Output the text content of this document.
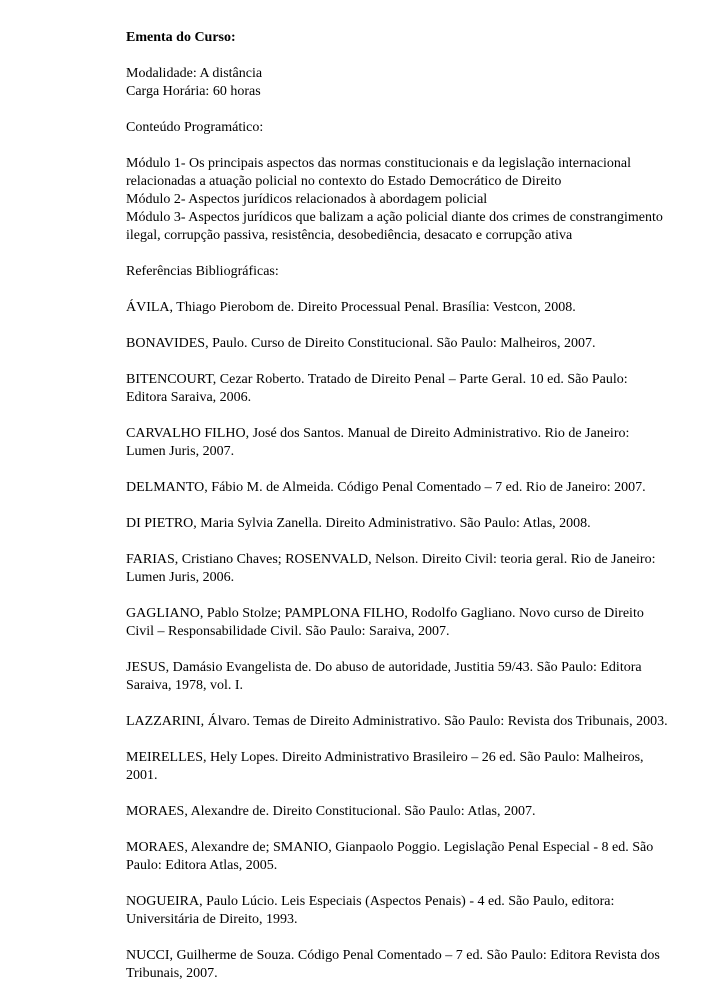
Ementa do Curso:

Modalidade: A distância

Carga Horária: 60 horas

Conteúdo Programático:

Módulo 1- Os principais aspectos das normas constitucionais e da legislação internacional

relacionadas a atuação policial no contexto do Estado Democrático de Direito

Módulo 2- Aspectos jurídicos relacionados à abordagem policial

Módulo 3- Aspectos jurídicos que balizam a ação policial diante dos crimes de constrangimento

ilegal, corrupção passiva, resistência, desobediência, desacato e corrupção ativa

Referências Bibliográficas:

ÁVILA, Thiago Pierobom de. Direito Processual Penal. Brasília: Vestcon, 2008.

BONAVIDES, Paulo. Curso de Direito Constitucional. São Paulo: Malheiros, 2007.

BITENCOURT, Cezar Roberto. Tratado de Direito Penal – Parte Geral. 10 ed. São Paulo:

Editora Saraiva, 2006.

CARVALHO FILHO, José dos Santos. Manual de Direito Administrativo. Rio de Janeiro:

Lumen Juris, 2007.

DELMANTO, Fábio M. de Almeida. Código Penal Comentado – 7 ed. Rio de Janeiro: 2007.

DI PIETRO, Maria Sylvia Zanella. Direito Administrativo. São Paulo: Atlas, 2008.

FARIAS, Cristiano Chaves; ROSENVALD, Nelson. Direito Civil: teoria geral. Rio de Janeiro:

Lumen Juris, 2006.

GAGLIANO, Pablo Stolze; PAMPLONA FILHO, Rodolfo Gagliano. Novo curso de Direito

Civil – Responsabilidade Civil. São Paulo: Saraiva, 2007.

JESUS, Damásio Evangelista de. Do abuso de autoridade, Justitia 59/43. São Paulo: Editora

Saraiva, 1978, vol. I.

LAZZARINI, Álvaro. Temas de Direito Administrativo. São Paulo: Revista dos Tribunais, 2003.

MEIRELLES, Hely Lopes. Direito Administrativo Brasileiro – 26 ed. São Paulo: Malheiros,

2001.

MORAES, Alexandre de. Direito Constitucional. São Paulo: Atlas, 2007.

MORAES, Alexandre de; SMANIO, Gianpaolo Poggio. Legislação Penal Especial - 8 ed. São

Paulo: Editora Atlas, 2005.

NOGUEIRA, Paulo Lúcio. Leis Especiais (Aspectos Penais) - 4 ed. São Paulo, editora:

Universitária de Direito, 1993.

NUCCI, Guilherme de Souza. Código Penal Comentado – 7 ed. São Paulo: Editora Revista dos

Tribunais, 2007.
